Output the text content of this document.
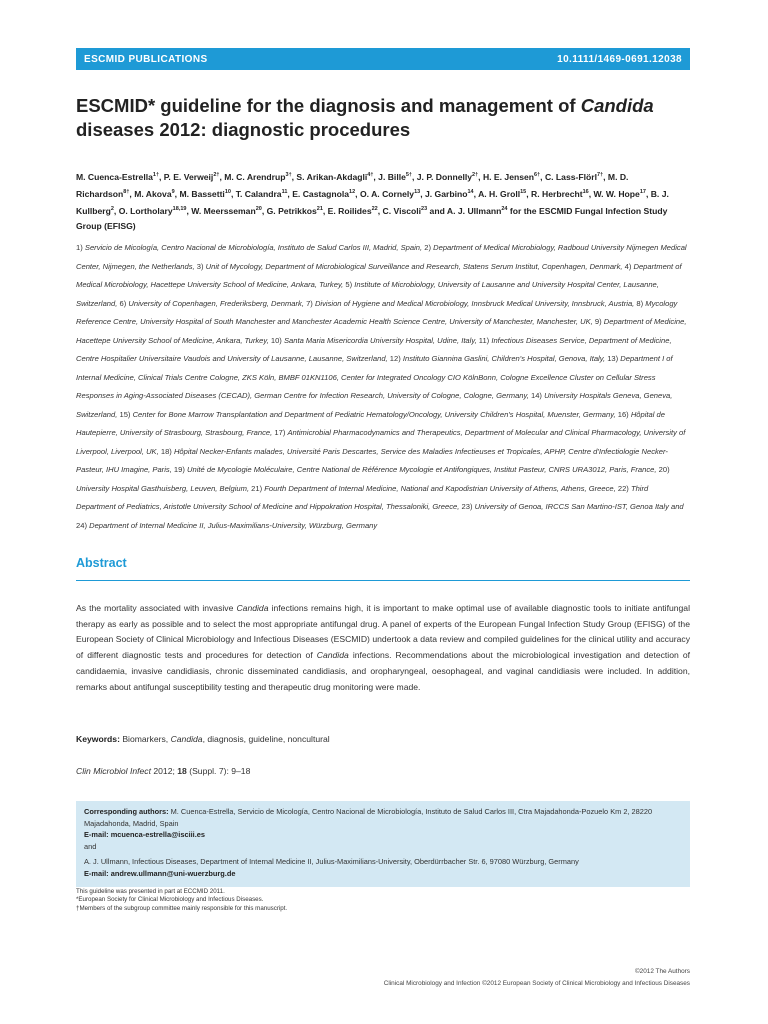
ESCMID PUBLICATIONS	10.1111/1469-0691.12038
ESCMID* guideline for the diagnosis and management of Candida diseases 2012: diagnostic procedures

M. Cuenca-Estrella$^{1\dagger}$, P. E. Verweij$^{2\dagger}$, M. C. Arendrup$^{3\dagger}$, S. Arikan-Akdagli$^{4\dagger}$, J. Bille$^{5\dagger}$, J. P. Donnelly$^{2\dagger}$, H. E. Jensen$^{6\dagger}$, C. Lass-Flörl$^{7\dagger}$, M. D. Richardson$^{8\dagger}$, M. Akova$^9$, M. Bassetti$^{10}$, T. Calandra$^{11}$, E. Castagnola$^{12}$, O. A. Cornely$^{13}$, J. Garbino$^{14}$, A. H. Groll$^{15}$, R. Herbrecht$^{16}$, W. W. Hope$^{17}$, B. J. Kullberg$^2$, O. Lortholary$^{18,19}$, W. Meersseman$^{20}$, G. Petrikkos$^{21}$, E. Roilides$^{22}$, C. Viscoli$^{23}$ and A. J. Ullmann$^{24}$ for the ESCMID Fungal Infection Study Group (EFISG)

1) Servicio de Micología, Centro Nacional de Microbiología, Instituto de Salud Carlos III, Madrid, Spain, 2) Department of Medical Microbiology, Radboud University Nijmegen Medical Center, Nijmegen, the Netherlands, 3) Unit of Mycology, Department of Microbiological Surveillance and Research, Statens Serum Institut, Copenhagen, Denmark, 4) Department of Medical Microbiology, Hacettepe University School of Medicine, Ankara, Turkey, 5) Institute of Microbiology, University of Lausanne and University Hospital Center, Lausanne, Switzerland, 6) University of Copenhagen, Frederiksberg, Denmark, 7) Division of Hygiene and Medical Microbiology, Innsbruck Medical University, Innsbruck, Austria, 8) Mycology Reference Centre, University Hospital of South Manchester and Manchester Academic Health Science Centre, University of Manchester, Manchester, UK, 9) Department of Medicine, Hacettepe University School of Medicine, Ankara, Turkey, 10) Santa Maria Misericordia University Hospital, Udine, Italy, 11) Infectious Diseases Service, Department of Medicine, Centre Hospitalier Universitaire Vaudois and University of Lausanne, Lausanne, Switzerland, 12) Instituto Giannina Gaslini, Children's Hospital, Genova, Italy, 13) Department I of Internal Medicine, Clinical Trials Centre Cologne, ZKS Köln, BMBF 01KN1106, Center for Integrated Oncology CIO KölnBonn, Cologne Excellence Cluster on Cellular Stress Responses in Aging-Associated Diseases (CECAD), German Centre for Infection Research, University of Cologne, Cologne, Germany, 14) University Hospitals Geneva, Geneva, Switzerland, 15) Center for Bone Marrow Transplantation and Department of Pediatric Hematology/Oncology, University Children's Hospital, Muenster, Germany, 16) Hôpital de Hautepierre, University of Strasbourg, Strasbourg, France, 17) Antimicrobial Pharmacodynamics and Therapeutics, Department of Molecular and Clinical Pharmacology, University of Liverpool, Liverpool, UK, 18) Hôpital Necker-Enfants malades, Université Paris Descartes, Service des Maladies Infectieuses et Tropicales, APHP, Centre d'Infectiologie Necker-Pasteur, IHU Imagine, Paris, 19) Unité de Mycologie Moléculaire, Centre National de Référence Mycologie et Antifongiques, Institut Pasteur, CNRS URA3012, Paris, France, 20) University Hospital Gasthuisberg, Leuven, Belgium, 21) Fourth Department of Internal Medicine, National and Kapodistrian University of Athens, Athens, Greece, 22) Third Department of Pediatrics, Aristotle University School of Medicine and Hippokration Hospital, Thessaloniki, Greece, 23) University of Genoa, IRCCS San Martino-IST, Genoa Italy and 24) Department of Internal Medicine II, Julius-Maximilians-University, Würzburg, Germany

Abstract

As the mortality associated with invasive Candida infections remains high, it is important to make optimal use of available diagnostic tools to initiate antifungal therapy as early as possible and to select the most appropriate antifungal drug. A panel of experts of the European Fungal Infection Study Group (EFISG) of the European Society of Clinical Microbiology and Infectious Diseases (ESCMID) undertook a data review and compiled guidelines for the clinical utility and accuracy of different diagnostic tests and procedures for detection of Candida infections. Recommendations about the microbiological investigation and detection of candidaemia, invasive candidiasis, chronic disseminated candidiasis, and oropharyngeal, oesophageal, and vaginal candidiasis were included. In addition, remarks about antifungal susceptibility testing and therapeutic drug monitoring were made.

Keywords: Biomarkers, Candida, diagnosis, guideline, noncultural

Clin Microbiol Infect 2012; 18 (Suppl. 7): 9–18

Corresponding authors: M. Cuenca-Estrella, Servicio de Micología, Centro Nacional de Microbiología, Instituto de Salud Carlos III, Ctra Majadahonda-Pozuelo Km 2, 28220 Majadahonda, Madrid, Spain

E-mail: mcuenca-estrella@isciii.es

and

A. J. Ullmann, Infectious Diseases, Department of Internal Medicine II, Julius-Maximilians-University, Oberdürrbacher Str. 6, 97080 Würzburg, Germany

E-mail: andrew.ullmann@uni-wuerzburg.de

This guideline was presented in part at ECCMID 2011.
*European Society for Clinical Microbiology and Infectious Diseases.
†Members of the subgroup committee mainly responsible for this manuscript.
©2012 The Authors
Clinical Microbiology and Infection ©2012 European Society of Clinical Microbiology and Infectious Diseases
